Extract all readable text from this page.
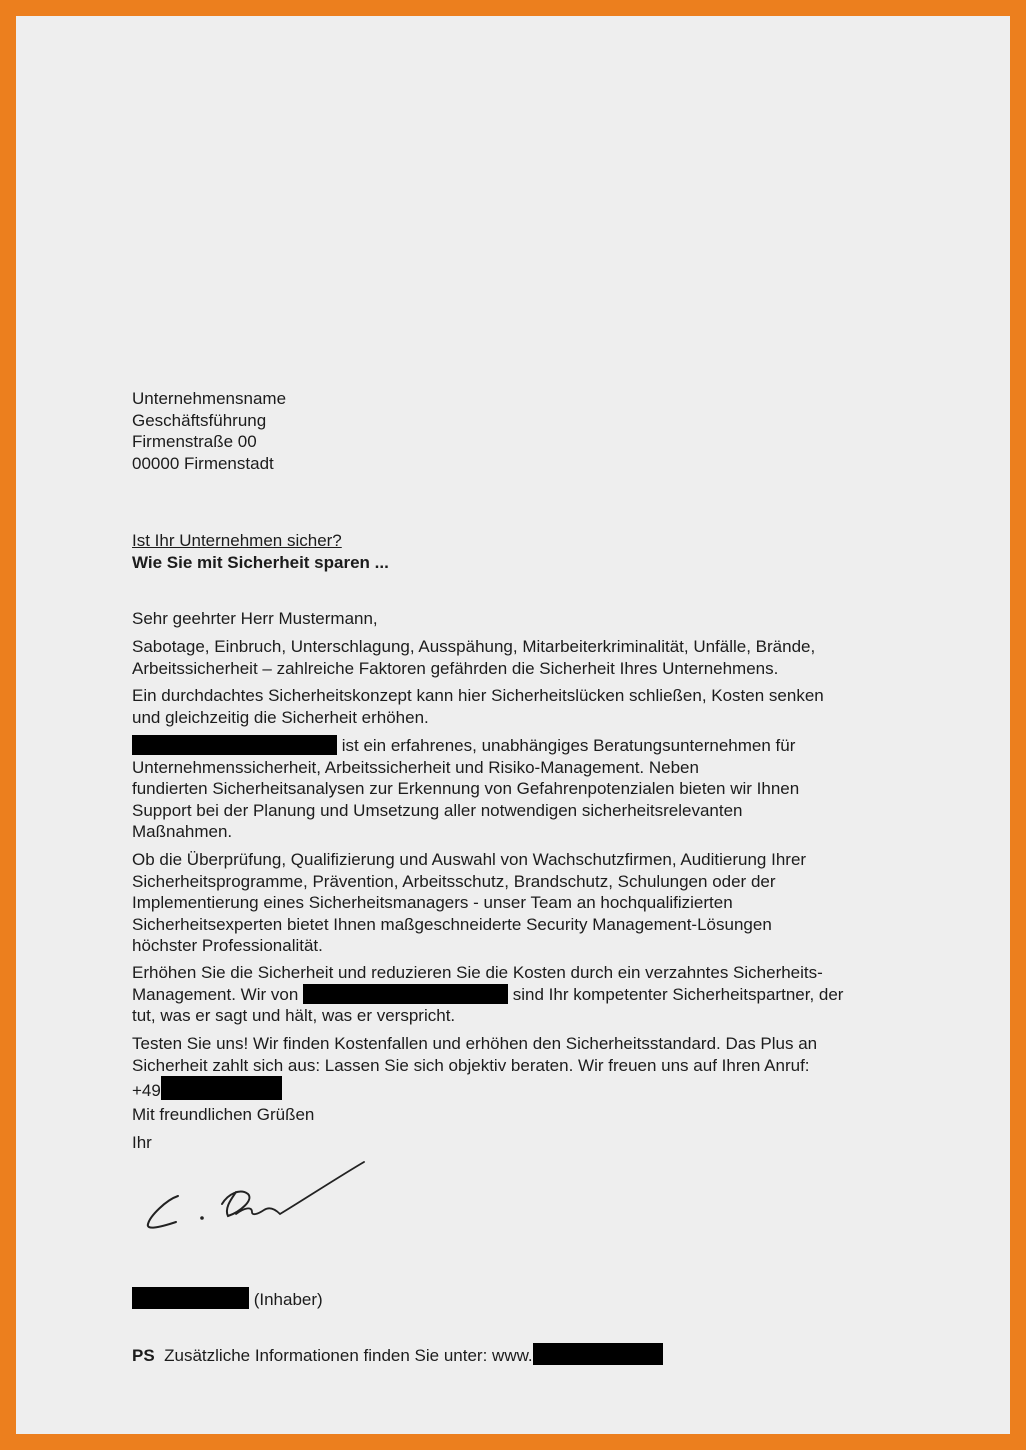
Unternehmensname
Geschäftsführung
Firmenstraße 00
00000 Firmenstadt
Ist Ihr Unternehmen sicher?
Wie Sie mit Sicherheit sparen ...
Sehr geehrter Herr Mustermann,
Sabotage, Einbruch, Unterschlagung, Ausspähung, Mitarbeiterkriminalität, Unfälle, Brände,
Arbeitssicherheit – zahlreiche Faktoren gefährden die Sicherheit Ihres Unternehmens.
Ein durchdachtes Sicherheitskonzept kann hier Sicherheitslücken schließen, Kosten senken
und gleichzeitig die Sicherheit erhöhen.
ist ein erfahrenes, unabhängiges Beratungsunternehmen für
Unternehmenssicherheit, Arbeitssicherheit und Risiko-Management. Neben
fundierten Sicherheitsanalysen zur Erkennung von Gefahrenpotenzialen bieten wir Ihnen
Support bei der Planung und Umsetzung aller notwendigen sicherheitsrelevanten
Maßnahmen.
Ob die Überprüfung, Qualifizierung und Auswahl von Wachschutzfirmen, Auditierung Ihrer
Sicherheitsprogramme, Prävention, Arbeitsschutz, Brandschutz, Schulungen oder der
Implementierung eines Sicherheitsmanagers - unser Team an hochqualifizierten
Sicherheitsexperten bietet Ihnen maßgeschneiderte Security Management-Lösungen
höchster Professionalität.
Erhöhen Sie die Sicherheit und reduzieren Sie die Kosten durch ein verzahntes Sicherheits-
Management. Wir von	sind Ihr kompetenter Sicherheitspartner, der
tut, was er sagt und hält, was er verspricht.
Testen Sie uns! Wir finden Kostenfallen und erhöhen den Sicherheitsstandard. Das Plus an
Sicherheit zahlt sich aus: Lassen Sie sich objektiv beraten. Wir freuen uns auf Ihren Anruf:
+49
Mit freundlichen Grüßen
Ihr
(Inhaber)
PS  Zusätzliche Informationen finden Sie unter: www.
